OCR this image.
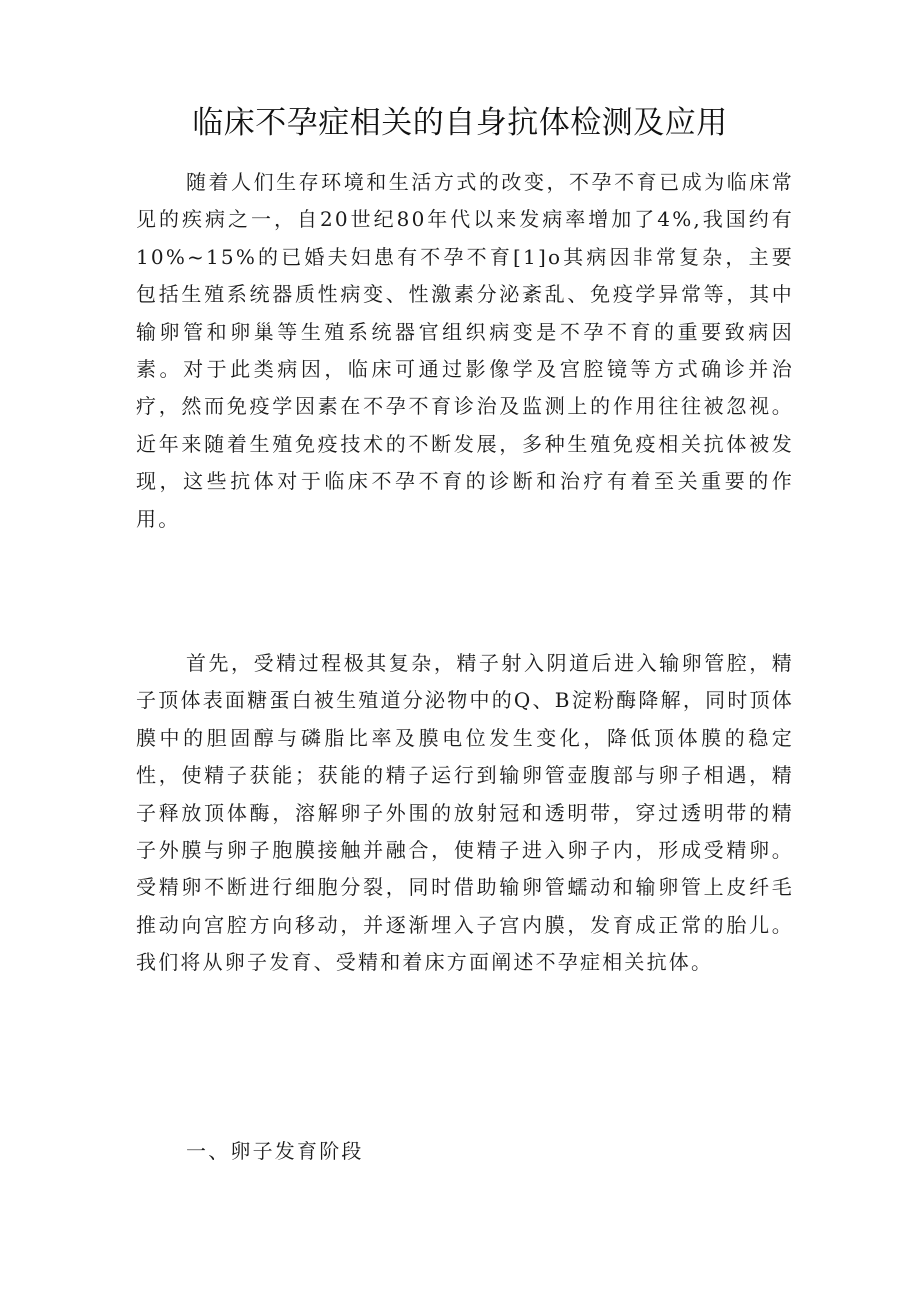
临床不孕症相关的自身抗体检测及应用

随着人们生存环境和生活方式的改变，不孕不育已成为临床常见的疾病之一，自20世纪80年代以来发病率增加了4%,我国约有10%~15%的已婚夫妇患有不孕不育[1]o其病因非常复杂，主要包括生殖系统器质性病变、性激素分泌紊乱、免疫学异常等，其中输卵管和卵巢等生殖系统器官组织病变是不孕不育的重要致病因素。对于此类病因，临床可通过影像学及宫腔镜等方式确诊并治疗，然而免疫学因素在不孕不育诊治及监测上的作用往往被忽视。近年来随着生殖免疫技术的不断发展，多种生殖免疫相关抗体被发现，这些抗体对于临床不孕不育的诊断和治疗有着至关重要的作用。

首先，受精过程极其复杂，精子射入阴道后进入输卵管腔，精子顶体表面糖蛋白被生殖道分泌物中的Q、B淀粉酶降解，同时顶体膜中的胆固醇与磷脂比率及膜电位发生变化，降低顶体膜的稳定性，使精子获能；获能的精子运行到输卵管壶腹部与卵子相遇，精子释放顶体酶，溶解卵子外围的放射冠和透明带，穿过透明带的精子外膜与卵子胞膜接触并融合，使精子进入卵子内，形成受精卵。受精卵不断进行细胞分裂，同时借助输卵管蠕动和输卵管上皮纤毛推动向宫腔方向移动，并逐渐埋入子宫内膜，发育成正常的胎儿。我们将从卵子发育、受精和着床方面阐述不孕症相关抗体。

一、卵子发育阶段
